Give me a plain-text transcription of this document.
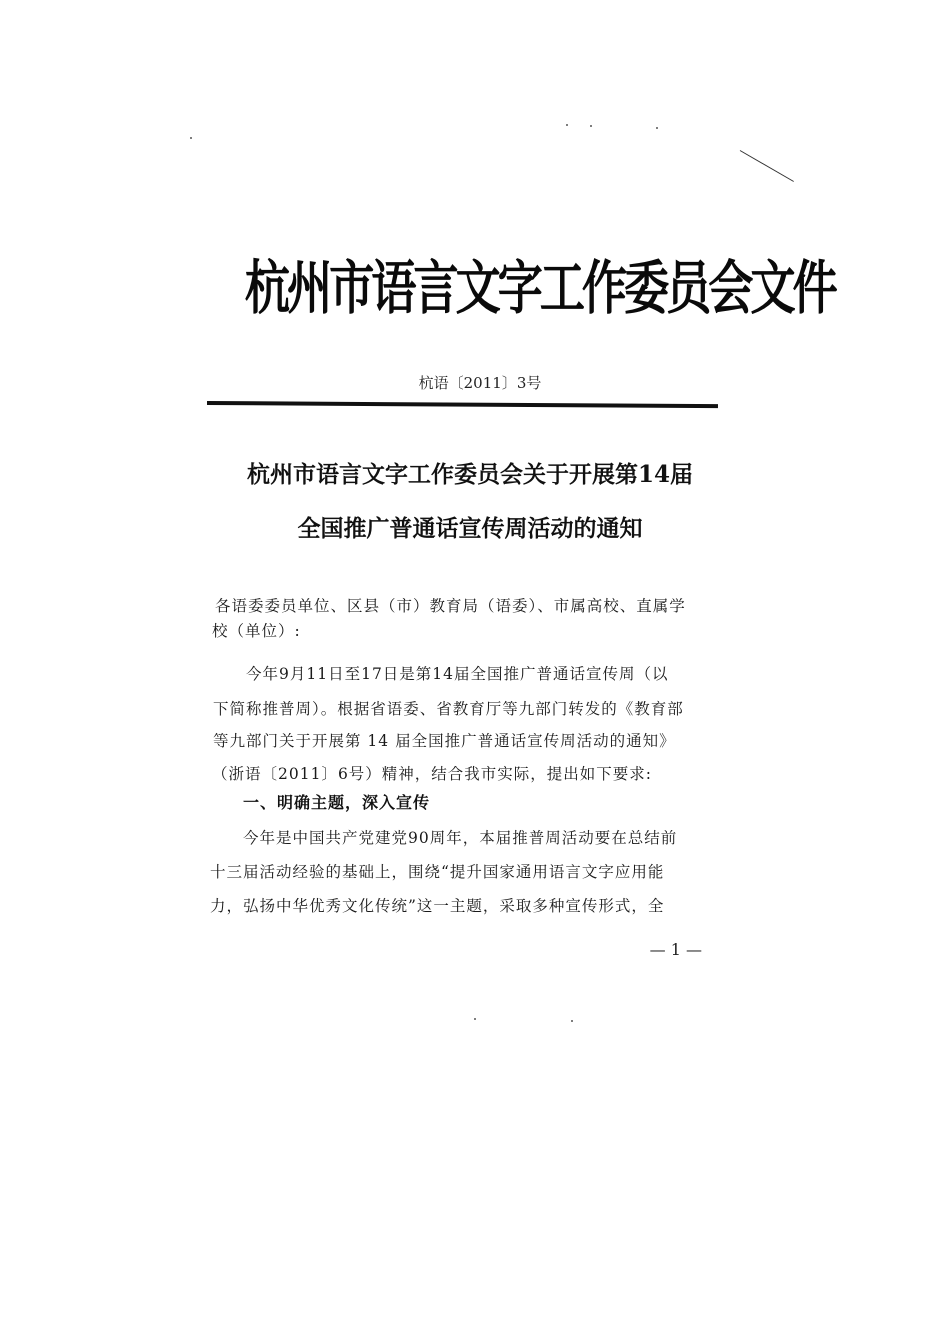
杭州市语言文字工作委员会文件
杭语〔2011〕3号
杭州市语言文字工作委员会关于开展第14届
全国推广普通话宣传周活动的通知
各语委委员单位、区县（市）教育局（语委）、市属高校、直属学
校（单位）:
今年9月11日至17日是第14届全国推广普通话宣传周（以
下简称推普周）。根据省语委、省教育厅等九部门转发的《教育部
等九部门关于开展第 14 届全国推广普通话宣传周活动的通知》
（浙语〔2011〕6号）精神，结合我市实际，提出如下要求:
一、明确主题，深入宣传
今年是中国共产党建党90周年，本届推普周活动要在总结前
十三届活动经验的基础上，围绕“提升国家通用语言文字应用能
力，弘扬中华优秀文化传统”这一主题，采取多种宣传形式，全
— 1 —
